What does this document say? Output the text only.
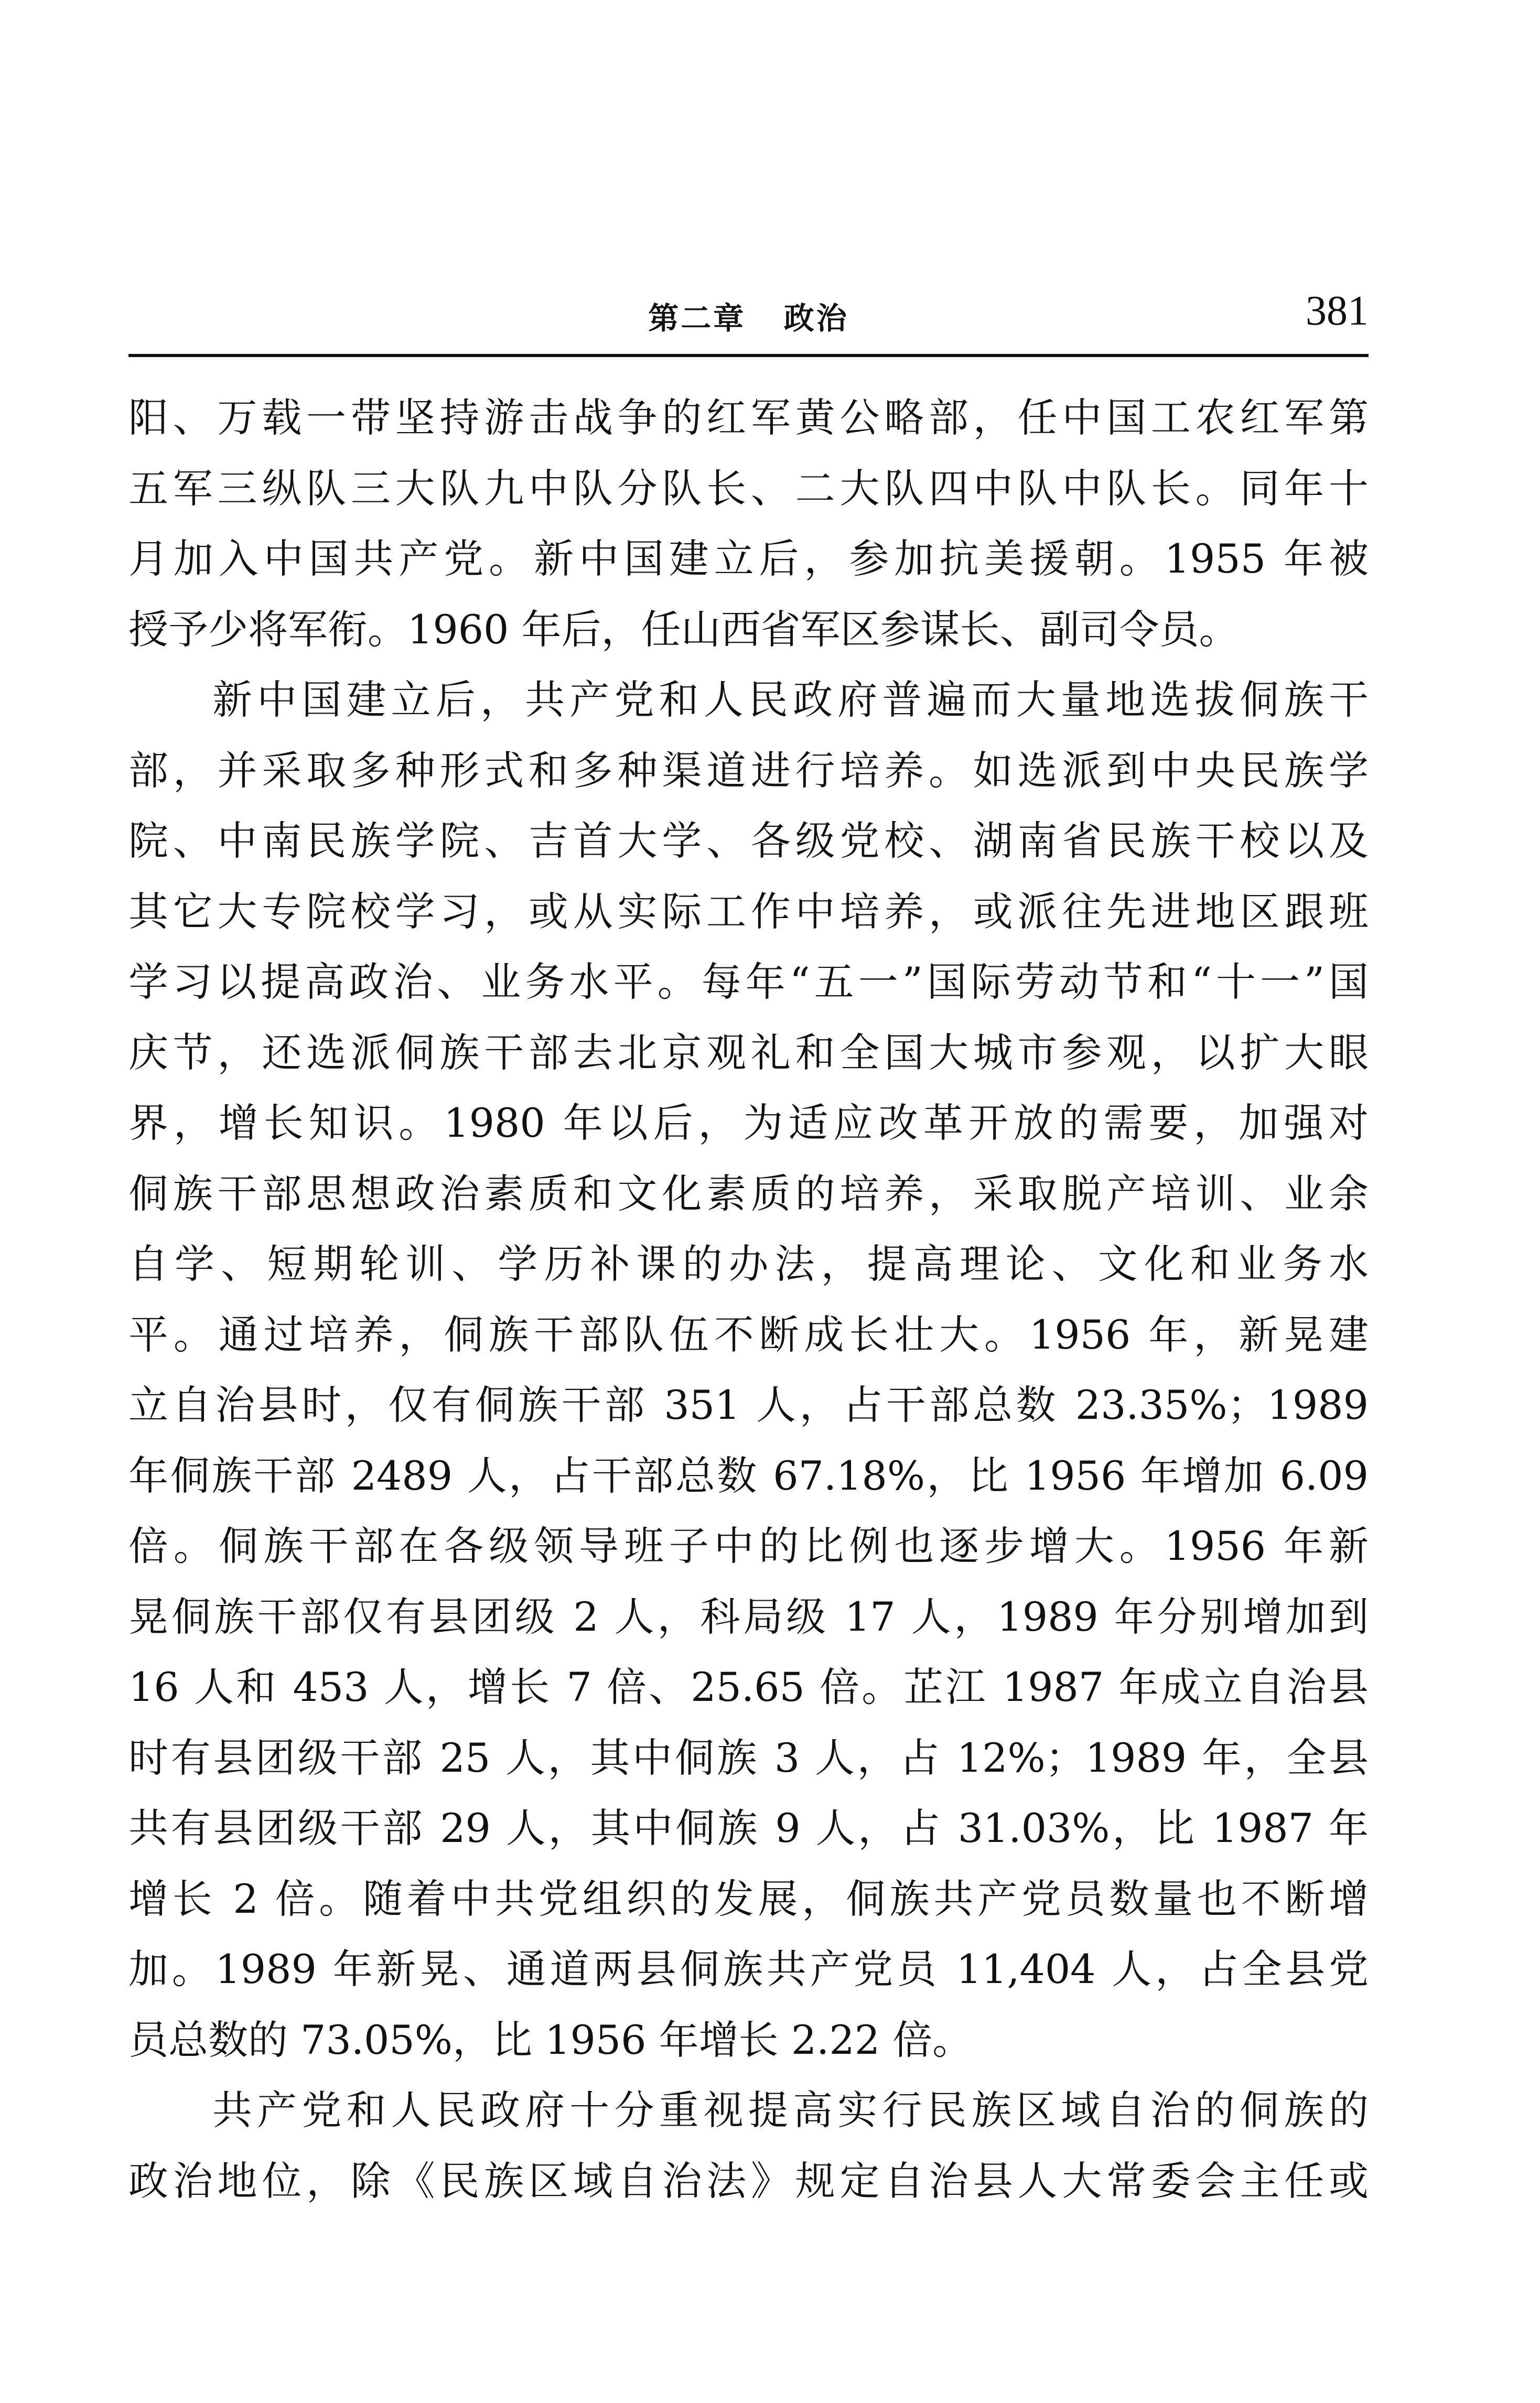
第二章   政治	381
阳、万载一带坚持游击战争的红军黄公略部，任中国工农红军第
五军三纵队三大队九中队分队长、二大队四中队中队长。同年十
月加入中国共产党。新中国建立后，参加抗美援朝。1955 年被
授予少将军衔。1960 年后，任山西省军区参谋长、副司令员。
新中国建立后，共产党和人民政府普遍而大量地选拔侗族干
部，并采取多种形式和多种渠道进行培养。如选派到中央民族学
院、中南民族学院、吉首大学、各级党校、湖南省民族干校以及
其它大专院校学习，或从实际工作中培养，或派往先进地区跟班
学习以提高政治、业务水平。每年“五一”国际劳动节和“十一”国
庆节，还选派侗族干部去北京观礼和全国大城市参观，以扩大眼
界，增长知识。1980 年以后，为适应改革开放的需要，加强对
侗族干部思想政治素质和文化素质的培养，采取脱产培训、业余
自学、短期轮训、学历补课的办法，提高理论、文化和业务水
平。通过培养，侗族干部队伍不断成长壮大。1956 年，新晃建
立自治县时，仅有侗族干部 351 人，占干部总数 23.35%；1989
年侗族干部 2489 人，占干部总数 67.18%，比 1956 年增加 6.09
倍。侗族干部在各级领导班子中的比例也逐步增大。1956 年新
晃侗族干部仅有县团级 2 人，科局级 17 人，1989 年分别增加到
16 人和 453 人，增长 7 倍、25.65 倍。芷江 1987 年成立自治县
时有县团级干部 25 人，其中侗族 3 人，占 12%；1989 年，全县
共有县团级干部 29 人，其中侗族 9 人，占 31.03%，比 1987 年
增长 2 倍。随着中共党组织的发展，侗族共产党员数量也不断增
加。1989 年新晃、通道两县侗族共产党员 11,404 人，占全县党
员总数的 73.05%，比 1956 年增长 2.22 倍。
共产党和人民政府十分重视提高实行民族区域自治的侗族的
政治地位，除《民族区域自治法》规定自治县人大常委会主任或
